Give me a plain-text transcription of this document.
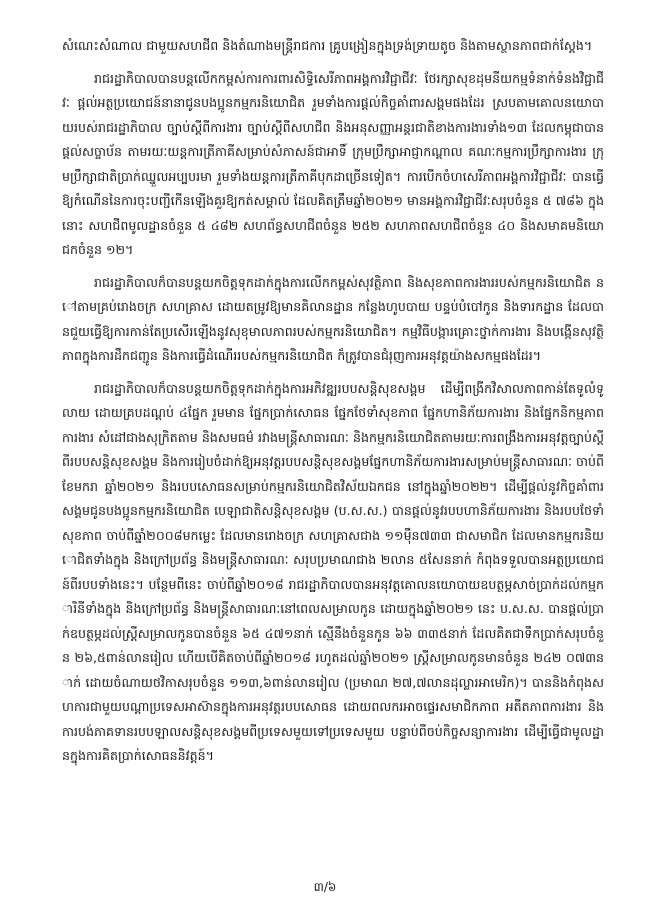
សំណេះសំណាល ជាមួយសហជីព និងតំណាងមន្ត្រីរាជការ គ្រូបង្រៀនក្នុងទ្រង់ទ្រាយតូច និងតាមស្ថានភាពជាក់ស្តែង។

រាជរដ្ឋាភិបាលបានបន្តលើកកម្ពស់ការការពារសិទ្ធិសេរីភាពអង្គការវិជ្ជាជីវៈ ថែរក្សាសុខដុមនីយកម្មទំនាក់ទំនងវិជ្ជាជីវៈ ផ្តល់អត្ថប្រយោជន៍នានាជូនបងប្អូនកម្មករនិយោជិត រួមទាំងការផ្តល់កិច្ចគាំពារសង្គមផងដែរ ស្របតាមគោលនយោបាយរបស់រាជរដ្ឋាភិបាល ច្បាប់ស្តីពីការងារ ច្បាប់ស្តីពីសហជីព និងអនុសញ្ញាអន្តរជាតិខាងការងារទាំង១៣ ដែលកម្ពុជាបានផ្តល់សច្ចាប័ន តាមរយៈយន្តការត្រីភាគីសម្រាប់សំភាសន៍ជាអាទិ៍ ក្រុមប្រឹក្សាអាជ្ញាកណ្តាល គណៈកម្មការប្រឹក្សាការងារ ក្រុមប្រឹក្សាជាតិប្រាក់ឈ្នួលអប្បបរមា រួមទាំងយន្តការត្រីភាគីបុកដាច្រើនទៀត។ ការបើកចំហសេរីភាពអង្គការវិជ្ជាជីវៈ បានធ្វើឱ្យកំណើននៃការចុះបញ្ជីកើនឡើងគួរឱ្យកត់សម្គាល់ ដែលគិតត្រឹមឆ្នាំ២០២១ មានអង្គការវិជ្ជាជីវៈសរុបចំនួន ៥ ៧៨៦ ក្នុងនោះ សហជីពមូលដ្ឋានចំនួន ៥ ៤៨២ សហព័ន្ធសហជីពចំនួន ២៥២ សហភាពសហជីពចំនួន ៤០ និងសមាគមនិយោជកចំនួន ១២។

រាជរដ្ឋាភិបាលក៏បានបន្តយកចិត្តទុកដាក់ក្នុងការលើកកម្ពស់សុវត្ថិភាព និងសុខភាពការងាររបស់កម្មករនិយោជិត នៅតាមគ្រប់រោងចក្រ សហគ្រាស ដោយតម្រូវឱ្យមានគិលានដ្ឋាន កន្លែងហូបបាយ បន្ទប់បំបៅកូន និងទារកដ្ឋាន ដែលបានជួយធ្វើឱ្យការកាន់តែប្រសើរឡើងនូវសុខុមាលភាពរបស់កម្មករនិយោជិត។ កម្មវិធីបង្ការគ្រោះថ្នាក់ការងារ និងបង្កើនសុវត្ថិភាពក្នុងការដឹកជញ្ជូន និងការធ្វើដំណើររបស់កម្មករនិយោជិត ក៏ត្រូវបានជំរុញការអនុវត្តយ៉ាងសកម្មផងដែរ។

រាជរដ្ឋាភិបាលក៏បានបន្តយកចិត្តទុកដាក់ក្នុងការអភិវឌ្ឍរបបសន្តិសុខសង្គម ដើម្បីពង្រីកវិសាលភាពកាន់តែទូលំទូលាយ ដោយគ្របដណ្តប់ ៤ផ្នែក រួមមាន ផ្នែកប្រាក់សោធន ផ្នែកថែទាំសុខភាព ផ្នែកហានិភ័យការងារ និងផ្នែកនិកម្មភាពការងារ សំដៅជាងសុក្រិតតាម និងសមធម៌ រវាងមន្ត្រីសាធារណៈ និងកម្មករនិយោជិតតាមរយៈការពង្រឹងការអនុវត្តច្បាប់ស្តីពីរបបសន្តិសុខសង្គម និងការរៀបចំដាក់ឱ្យអនុវត្តរបបសន្តិសុខសង្គមផ្នែកហានិភ័យការងារសម្រាប់មន្ត្រីសាធារណៈ ចាប់ពីខែមករា ឆ្នាំ២០២១ និងរបបសោធនសម្រាប់កម្មករនិយោជិតវិស័យឯកជន នៅក្នុងឆ្នាំ២០២២។ ដើម្បីផ្តល់នូវកិច្ចគាំពារសង្គមជូនបងប្អូនកម្មករនិយោជិត បេឡាជាតិសន្តិសុខសង្គម (ប.ស.ស.) បានផ្តល់នូវរបបហានិភ័យការងារ និងរបបថែទាំសុខភាព ចាប់ពីឆ្នាំ២០០៨មកម្លេះ ដែលមានរោងចក្រ សហគ្រាសជាង ១១ម៉ឺន៧៣៣ ជាសមាជិក ដែលមានកម្មករនិយោជិតទាំងក្នុង និងក្រៅប្រព័ន្ធ និងមន្ត្រីសាធារណៈ សរុបប្រមាណជាង ២លាន ៥សែននាក់ កំពុងទទួលបានអត្ថប្រយោជន៍ពីរបបទាំងនេះ។ បន្ថែមពីនេះ ចាប់ពីឆ្នាំ២០១៨ រាជរដ្ឋាភិបាលបានអនុវត្តគោលនយោបាយឧបត្ថម្ភសាច់ប្រាក់ដល់កម្មការិនីទាំងក្នុង និងក្រៅប្រព័ន្ធ និងមន្ត្រីសាធារណៈនៅពេលសម្រាលកូន ដោយក្នុងឆ្នាំ២០២១ នេះ ប.ស.ស. បានផ្តល់ប្រាក់ឧបត្ថម្ភដល់ស្ត្រីសម្រាលកូនបានចំនួន ៦៥ ៤៧១នាក់ ស្មើនឹងចំនួនកូន ៦៦ ៣៣៥នាក់ ដែលគិតជាទឹកប្រាក់សរុបចំនួន ២៦,៥ពាន់លានរៀល ហើយបើគិតចាប់ពីឆ្នាំ២០១៨ រហូតដល់ឆ្នាំ២០២១ ស្ត្រីសម្រាលកូនមានចំនួន ២៤២ ០៧៣នាក់ ដោយចំណាយថវិកាសរុបចំនួន ១១៣,៦ពាន់លានរៀល (ប្រមាណ ២៧,៧លានដុល្លារអាមេរិក)។ បាននិងកំពុងសហការជាមួយបណ្តាប្រទេសអាស៊ានក្នុងការអនុវត្តរបបសោធន ដោយពលករអាចផ្ទេរសមាជិកភាព អតីតភាពការងារ និងការបង់ភាគទានរបបឡាលសន្តិសុខសង្គមពីប្រទេសមួយទៅប្រទេសមួយ បន្ទាប់ពីចប់កិច្ចសន្យាការងារ ដើម្បីធ្វើជាមូលដ្ឋានក្នុងការគិតប្រាក់សោធននិវត្តន៍។

៣/៦
